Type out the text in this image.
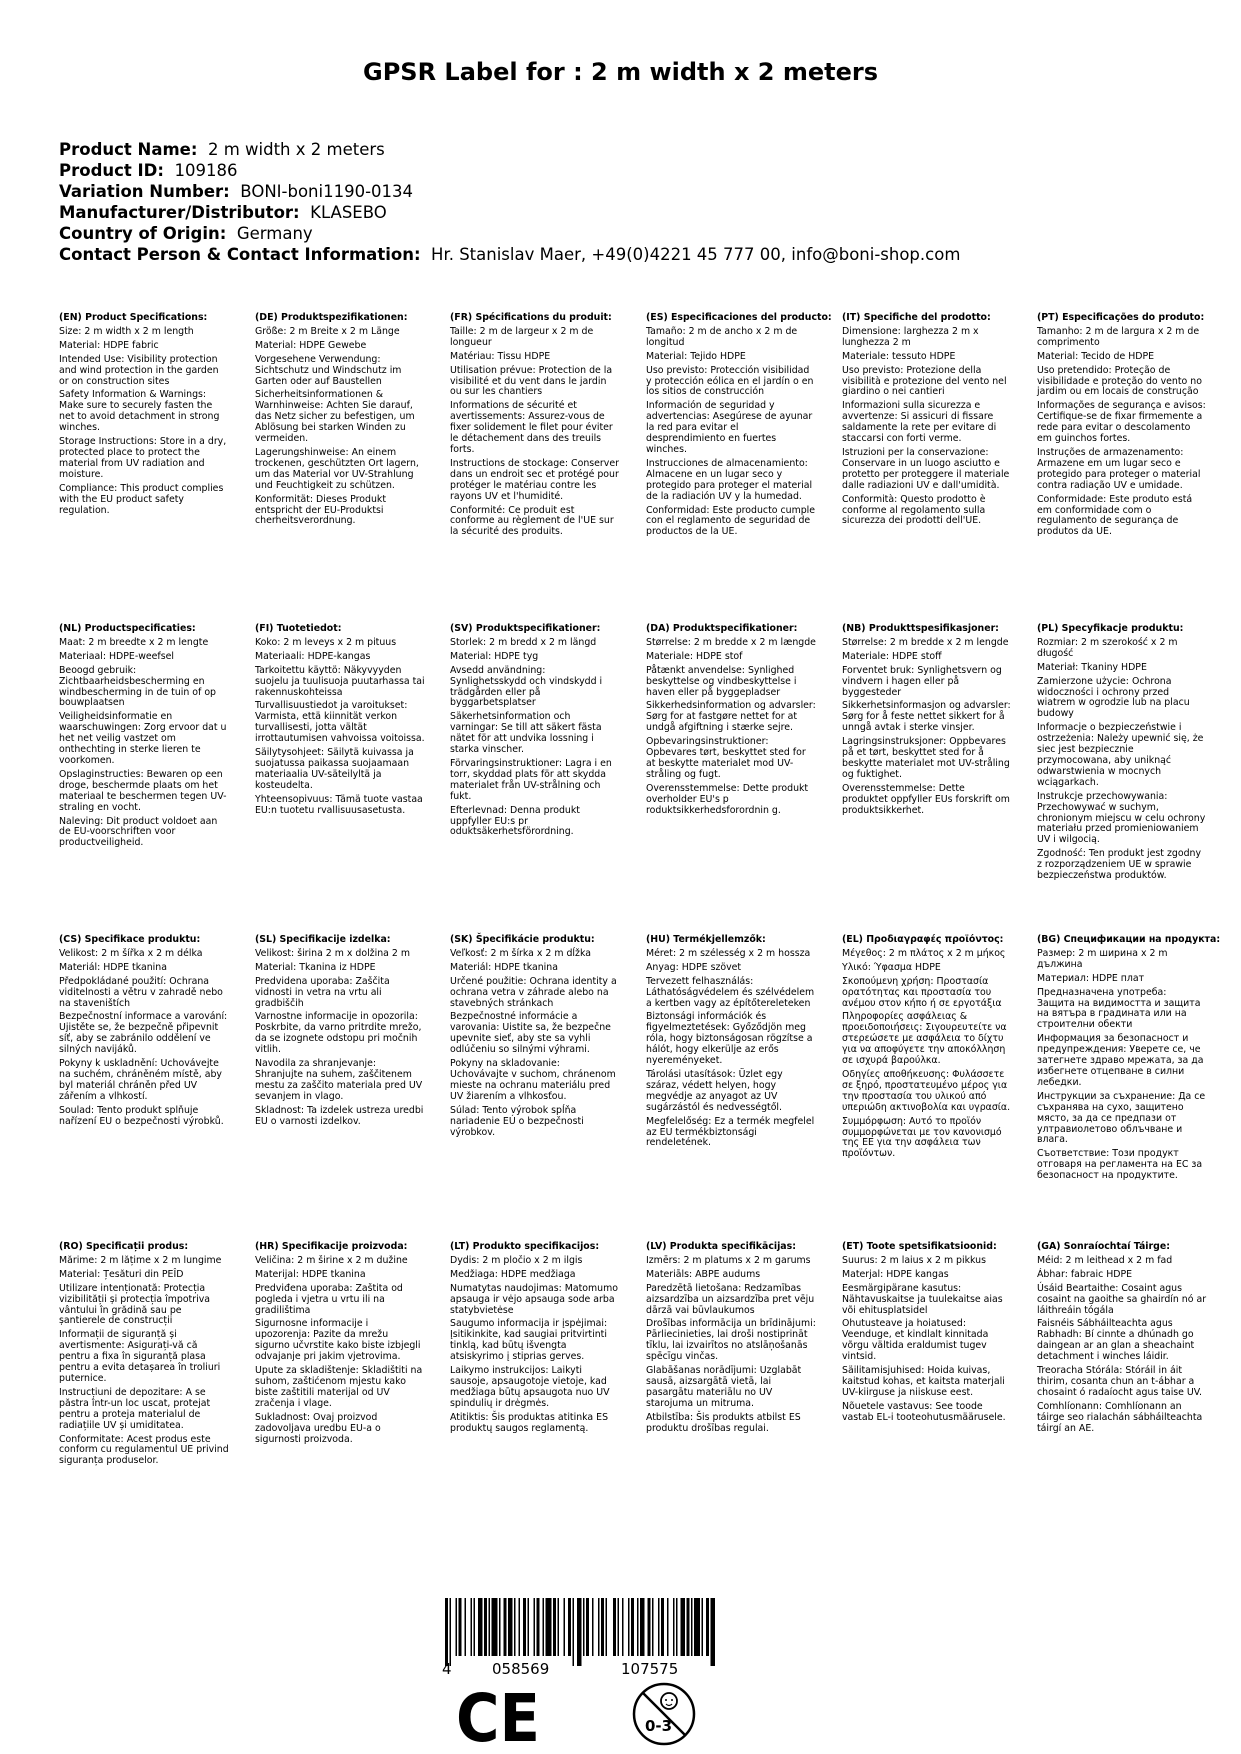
GPSR Label for : 2 m width x 2 meters
Product Name: 2 m width x 2 meters
Product ID: 109186
Variation Number: BONI-boni1190-0134
Manufacturer/Distributor: KLASEBO
Country of Origin: Germany
Contact Person & Contact Information: Hr. Stanislav Maer, +49(0)4221 45 777 00, info@boni-shop.com
(EN) Product Specifications:
Size: 2 m width x 2 m length
Material: HDPE fabric
Intended Use: Visibility protection and wind protection in the garden or on construction sites
Safety Information & Warnings: Make sure to securely fasten the net to avoid detachment in strong winches.
Storage Instructions: Store in a dry, protected place to protect the material from UV radiation and moisture.
Compliance: This product complies with the EU product safety regulation.
(DE) Produktspezifikationen:
Größe: 2 m Breite x 2 m Länge
Material: HDPE Gewebe
Vorgesehene Verwendung: Sichtschutz und Windschutz im Garten oder auf Baustellen
Sicherheitsinformationen & Warnhinweise: Achten Sie darauf, das Netz sicher zu befestigen, um Ablösung bei starken Winden zu vermeiden.
Lagerungshinweise: An einem trockenen, geschützten Ort lagern, um das Material vor UV-Strahlung und Feuchtigkeit zu schützen.
Konformität: Dieses Produkt entspricht der EU-Produktsi cherheitsverordnung.
(FR) Spécifications du produit:
Taille: 2 m de largeur x 2 m de longueur
Matériau: Tissu HDPE
Utilisation prévue: Protection de la visibilité et du vent dans le jardin ou sur les chantiers
Informations de sécurité et avertissements: Assurez-vous de fixer solidement le filet pour éviter le détachement dans des treuils forts.
Instructions de stockage: Conserver dans un endroit sec et protégé pour protéger le matériau contre les rayons UV et l'humidité.
Conformité: Ce produit est conforme au règlement de l'UE sur la sécurité des produits.
(ES) Especificaciones del producto:
Tamaño: 2 m de ancho x 2 m de longitud
Material: Tejido HDPE
Uso previsto: Protección visibilidad y protección eólica en el jardín o en los sitios de construcción
Información de seguridad y advertencias: Asegúrese de ayunar la red para evitar el desprendimiento en fuertes winches.
Instrucciones de almacenamiento: Almacene en un lugar seco y protegido para proteger el material de la radiación UV y la humedad.
Conformidad: Este producto cumple con el reglamento de seguridad de productos de la UE.
(IT) Specifiche del prodotto:
Dimensione: larghezza 2 m x lunghezza 2 m
Materiale: tessuto HDPE
Uso previsto: Protezione della visibilità e protezione del vento nel giardino o nei cantieri
Informazioni sulla sicurezza e avvertenze: Si assicuri di fissare saldamente la rete per evitare di staccarsi con forti verme.
Istruzioni per la conservazione: Conservare in un luogo asciutto e protetto per proteggere il materiale dalle radiazioni UV e dall'umidità.
Conformità: Questo prodotto è conforme al regolamento sulla sicurezza dei prodotti dell'UE.
(PT) Especificações do produto:
Tamanho: 2 m de largura x 2 m de comprimento
Material: Tecido de HDPE
Uso pretendido: Proteção de visibilidade e proteção do vento no jardim ou em locais de construção
Informações de segurança e avisos: Certifique-se de fixar firmemente a rede para evitar o descolamento em guinchos fortes.
Instruções de armazenamento: Armazene em um lugar seco e protegido para proteger o material contra radiação UV e umidade.
Conformidade: Este produto está em conformidade com o regulamento de segurança de produtos da UE.
(NL) Productspecificaties:
Maat: 2 m breedte x 2 m lengte
Materiaal: HDPE-weefsel
Beoogd gebruik: Zichtbaarheidsbescherming en windbescherming in de tuin of op bouwplaatsen
Veiligheidsinformatie en waarschuwingen: Zorg ervoor dat u het net veilig vastzet om onthechting in sterke lieren te voorkomen.
Opslaginstructies: Bewaren op een droge, beschermde plaats om het materiaal te beschermen tegen UV-straling en vocht.
Naleving: Dit product voldoet aan de EU-voorschriften voor productveiligheid.
(FI) Tuotetiedot:
Koko: 2 m leveys x 2 m pituus
Materiaali: HDPE-kangas
Tarkoitettu käyttö: Näkyvyyden suojelu ja tuulisuoja puutarhassa tai rakennuskohteissa
Turvallisuustiedot ja varoitukset: Varmista, että kiinnität verkon turvallisesti, jotta vältät irrottautumisen vahvoissa voitoissa.
Säilytysohjeet: Säilytä kuivassa ja suojatussa paikassa suojaamaan materiaalia UV-säteilyltä ja kosteudelta.
Yhteensopivuus: Tämä tuote vastaa EU:n tuotetu rvallisuusasetusta.
(SV) Produktspecifikationer:
Storlek: 2 m bredd x 2 m längd
Material: HDPE tyg
Avsedd användning: Synlighetsskydd och vindskydd i trädgården eller på byggarbetsplatser
Säkerhetsinformation och varningar: Se till att säkert fästa nätet för att undvika lossning i starka vinscher.
Förvaringsinstruktioner: Lagra i en torr, skyddad plats för att skydda materialet från UV-strålning och fukt.
Efterlevnad: Denna produkt uppfyller EU:s pr oduktsäkerhetsförordning.
(DA) Produktspecifikationer:
Størrelse: 2 m bredde x 2 m længde
Materiale: HDPE stof
Påtænkt anvendelse: Synlighed beskyttelse og vindbeskyttelse i haven eller på byggepladser
Sikkerhedsinformation og advarsler: Sørg for at fastgøre nettet for at undgå afgiftning i stærke sejre.
Opbevaringsinstruktioner: Opbevares tørt, beskyttet sted for at beskytte materialet mod UV-stråling og fugt.
Overensstemmelse: Dette produkt overholder EU's p roduktsikkerhedsforordnin g.
(NB) Produkttspesifikasjoner:
Størrelse: 2 m bredde x 2 m lengde
Materiale: HDPE stoff
Forventet bruk: Synlighetsvern og vindvern i hagen eller på byggesteder
Sikkerhetsinformasjon og advarsler: Sørg for å feste nettet sikkert for å unngå avtak i sterke vinsjer.
Lagringsinstruksjoner: Oppbevares på et tørt, beskyttet sted for å beskytte materialet mot UV-stråling og fuktighet.
Overensstemmelse: Dette produktet oppfyller EUs forskrift om produktsikkerhet.
(PL) Specyfikacje produktu:
Rozmiar: 2 m szerokość x 2 m długość
Materiał: Tkaniny HDPE
Zamierzone użycie: Ochrona widoczności i ochrony przed wiatrem w ogrodzie lub na placu budowy
Informacje o bezpieczeństwie i ostrzeżenia: Należy upewnić się, że siec jest bezpiecznie przymocowana, aby uniknąć odwarstwienia w mocnych wciągarkach.
Instrukcje przechowywania: Przechowywać w suchym, chronionym miejscu w celu ochrony materiału przed promieniowaniem UV i wilgocią.
Zgodność: Ten produkt jest zgodny z rozporządzeniem UE w sprawie bezpieczeństwa produktów.
(CS) Specifikace produktu:
Velikost: 2 m šířka x 2 m délka
Materiál: HDPE tkanina
Předpokládané použití: Ochrana viditelnosti a větru v zahradě nebo na staveništích
Bezpečnostní informace a varování: Ujistěte se, že bezpečně připevnit síť, aby se zabránilo oddělení ve silných navijáků.
Pokyny k uskladnění: Uchovávejte na suchém, chráněném místě, aby byl materiál chráněn před UV zářením a vlhkostí.
Soulad: Tento produkt splňuje nařízení EU o bezpečnosti výrobků.
(SL) Specifikacije izdelka:
Velikost: širina 2 m x dolžina 2 m
Material: Tkanina iz HDPE
Predvidena uporaba: Zaščita vidnosti in vetra na vrtu ali gradbiščih
Varnostne informacije in opozorila: Poskrbite, da varno pritrdite mrežo, da se izognete odstopu pri močnih vitlih.
Navodila za shranjevanje: Shranjujte na suhem, zaščitenem mestu za zaščito materiala pred UV sevanjem in vlago.
Skladnost: Ta izdelek ustreza uredbi EU o varnosti izdelkov.
(SK) Špecifikácie produktu:
Veľkosť: 2 m šírka x 2 m dĺžka
Materiál: HDPE tkanina
Určené použitie: Ochrana identity a ochrana vetra v záhrade alebo na stavebných stránkach
Bezpečnostné informácie a varovania: Uistite sa, že bezpečne upevnite sieť, aby ste sa vyhli odlúčeniu so silnými výhrami.
Pokyny na skladovanie: Uchovávajte v suchom, chránenom mieste na ochranu materiálu pred UV žiarením a vlhkosťou.
Súlad: Tento výrobok spĺňa nariadenie EÚ o bezpečnosti výrobkov.
(HU) Termékjellemzők:
Méret: 2 m szélesség x 2 m hossza
Anyag: HDPE szövet
Tervezett felhasználás: Láthatóságvédelem és szélvédelem a kertben vagy az építőtereleteken
Biztonsági információk és figyelmeztetések: Győződjön meg róla, hogy biztonságosan rögzítse a hálót, hogy elkerülje az erős nyereményeket.
Tárolási utasítások: Üzlet egy száraz, védett helyen, hogy megvédje az anyagot az UV sugárzástól és nedvességtől.
Megfelelőség: Ez a termék megfelel az EU termékbiztonsági rendeletének.
(EL) Προδιαγραφές προϊόντος:
Μέγεθος: 2 m πλάτος x 2 m μήκος
Υλικό: Ύφασμα HDPE
Σκοπούμενη χρήση: Προστασία ορατότητας και προστασία του ανέμου στον κήπο ή σε εργοτάξια
Πληροφορίες ασφάλειας & προειδοποιήσεις: Σιγουρευτείτε να στερεώσετε με ασφάλεια το δίχτυ για να αποφύγετε την αποκόλληση σε ισχυρά βαρούλκα.
Οδηγίες αποθήκευσης: Φυλάσσετε σε ξηρό, προστατευμένο μέρος για την προστασία του υλικού από υπεριώδη ακτινοβολία και υγρασία.
Συμμόρφωση: Αυτό το προϊόν συμμορφώνεται με τον κανονισμό της ΕΕ για την ασφάλεια των προϊόντων.
(BG) Спецификации на продукта:
Размер: 2 m ширина x 2 m дължина
Материал: HDPE плат
Предназначена употреба: Защита на видимостта и защита на вятъра в градината или на строителни обекти
Информация за безопасност и предупреждения: Уверете се, че затегнете здраво мрежата, за да избегнете отцепване в силни лебедки.
Инструкции за съхранение: Да се съхранява на сухо, защитено място, за да се предпази от ултравиолетово облъчване и влага.
Съответствие: Този продукт отговаря на регламента на ЕС за безопасност на продуктите.
(RO) Specificații produs:
Mărime: 2 m lățime x 2 m lungime
Material: Țesături din PEÎD
Utilizare intenționată: Protecția vizibilității și protecția împotriva vântului în grădină sau pe șantierele de construcții
Informații de siguranță și avertismente: Asigurați-vă că pentru a fixa în siguranță plasa pentru a evita detașarea în troliuri puternice.
Instrucțiuni de depozitare: A se păstra într-un loc uscat, protejat pentru a proteja materialul de radiațiile UV și umiditatea.
Conformitate: Acest produs este conform cu regulamentul UE privind siguranța produselor.
(HR) Specifikacije proizvoda:
Veličina: 2 m širine x 2 m dužine
Materijal: HDPE tkanina
Predviđena uporaba: Zaštita od pogleda i vjetra u vrtu ili na gradilištima
Sigurnosne informacije i upozorenja: Pazite da mrežu sigurno učvrstite kako biste izbjegli odvajanje pri jakim vjetrovima.
Upute za skladištenje: Skladištiti na suhom, zaštićenom mjestu kako biste zaštitili materijal od UV zračenja i vlage.
Sukladnost: Ovaj proizvod zadovoljava uredbu EU-a o sigurnosti proizvoda.
(LT) Produkto specifikacijos:
Dydis: 2 m pločio x 2 m ilgis
Medžiaga: HDPE medžiaga
Numatytas naudojimas: Matomumo apsauga ir vėjo apsauga sode arba statybvietėse
Saugumo informacija ir įspėjimai: Įsitikinkite, kad saugiai pritvirtinti tinklą, kad būtų išvengta atsiskyrimo į stiprias gerves.
Laikymo instrukcijos: Laikyti sausoje, apsaugotoje vietoje, kad medžiaga būtų apsaugota nuo UV spindulių ir drėgmės.
Atitiktis: Šis produktas atitinka ES produktų saugos reglamentą.
(LV) Produkta specifikācijas:
Izmērs: 2 m platums x 2 m garums
Materiāls: ABPE audums
Paredzētā lietošana: Redzamības aizsardzība un aizsardzība pret vēju dārzā vai būvlaukumos
Drošības informācija un brīdinājumi: Pārliecinieties, lai droši nostiprināt tīklu, lai izvairītos no atslāņošanās spēcīgu vinčas.
Glabāšanas norādījumi: Uzglabāt sausā, aizsargātā vietā, lai pasargātu materiālu no UV starojuma un mitruma.
Atbilstība: Šis produkts atbilst ES produktu drošības regulai.
(ET) Toote spetsifikatsioonid:
Suurus: 2 m laius x 2 m pikkus
Materjal: HDPE kangas
Eesmärgipärane kasutus: Nähtavuskaitse ja tuulekaitse aias või ehitusplatsidel
Ohutusteave ja hoiatused: Veenduge, et kindlalt kinnitada võrgu vältida eraldumist tugev vintsid.
Säilitamisjuhised: Hoida kuivas, kaitstud kohas, et kaitsta materjali UV-kiirguse ja niiskuse eest.
Nõuetele vastavus: See toode vastab EL-i tooteohutusmäärusele.
(GA) Sonraíochtaí Táirge:
Méid: 2 m leithead x 2 m fad
Ábhar: fabraic HDPE
Úsáid Beartaithe: Cosaint agus cosaint na gaoithe sa ghairdín nó ar láithreáin tógála
Faisnéis Sábháilteachta agus Rabhadh: Bí cinnte a dhúnadh go daingean ar an glan a sheachaint detachment i winches láidir.
Treoracha Stórála: Stóráil in áit thirim, cosanta chun an t-ábhar a chosaint ó radaíocht agus taise UV.
Comhlíonann: Comhlíonann an táirge seo rialachán sábháilteachta táirgí an AE.
4	058569	107575
CE	0-3
